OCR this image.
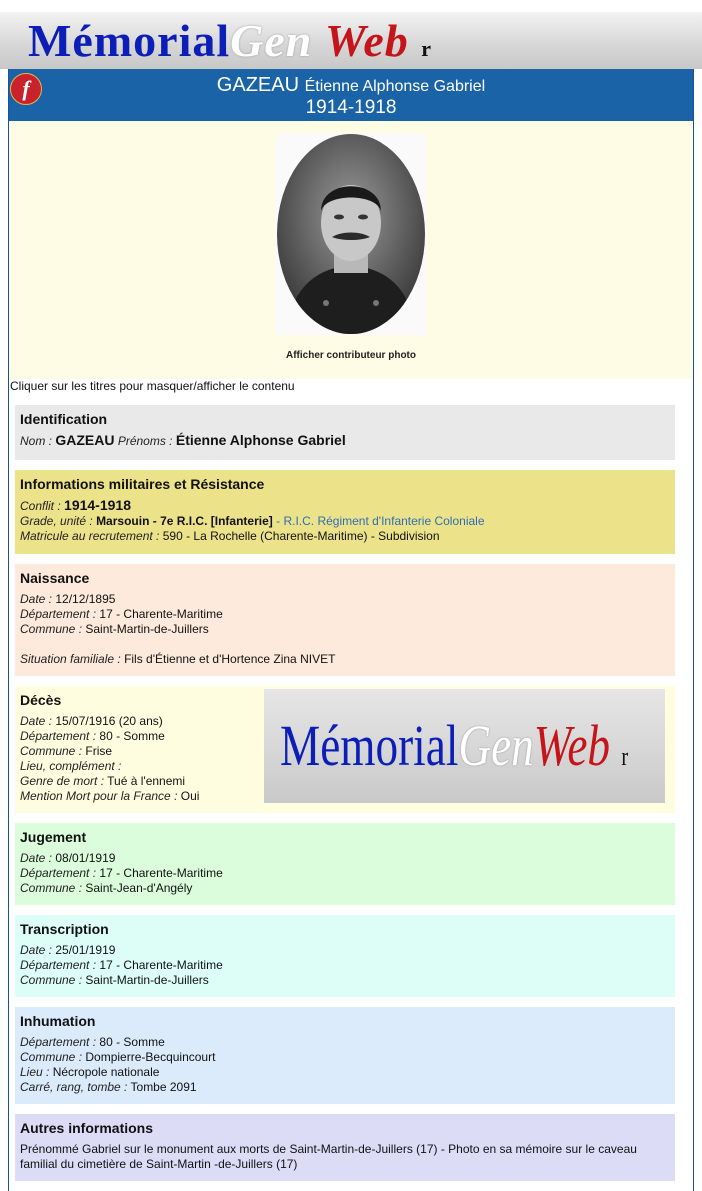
MémorialGen Web r
GAZEAU Étienne Alphonse Gabriel
1914-1918
f
Afficher contributeur photo
Cliquer sur les titres pour masquer/afficher le contenu
Identification
Nom : GAZEAU Prénoms : Étienne Alphonse Gabriel
Informations militaires et Résistance
Conflit : 1914-1918
Grade, unité : Marsouin - 7e R.I.C. [Infanterie] - R.I.C. Régiment d'Infanterie Coloniale
Matricule au recrutement : 590 - La Rochelle (Charente-Maritime) - Subdivision
Naissance
Date : 12/12/1895
Département : 17 - Charente-Maritime
Commune : Saint-Martin-de-Juillers
Situation familiale : Fils d'Étienne et d'Hortence Zina NIVET
Décès
Date : 15/07/1916 (20 ans)
Département : 80 - Somme
Commune : Frise
Lieu, complément :
Genre de mort : Tué à l'ennemi
Mention Mort pour la France : Oui
MémorialGenWeb r
Jugement
Date : 08/01/1919
Département : 17 - Charente-Maritime
Commune : Saint-Jean-d'Angély
Transcription
Date : 25/01/1919
Département : 17 - Charente-Maritime
Commune : Saint-Martin-de-Juillers
Inhumation
Département : 80 - Somme
Commune : Dompierre-Becquincourt
Lieu : Nécropole nationale
Carré, rang, tombe : Tombe 2091
Autres informations
Prénommé Gabriel sur le monument aux morts de Saint-Martin-de-Juillers (17) - Photo en sa mémoire sur le caveau familial du cimetière de Saint-Martin -de-Juillers (17)
